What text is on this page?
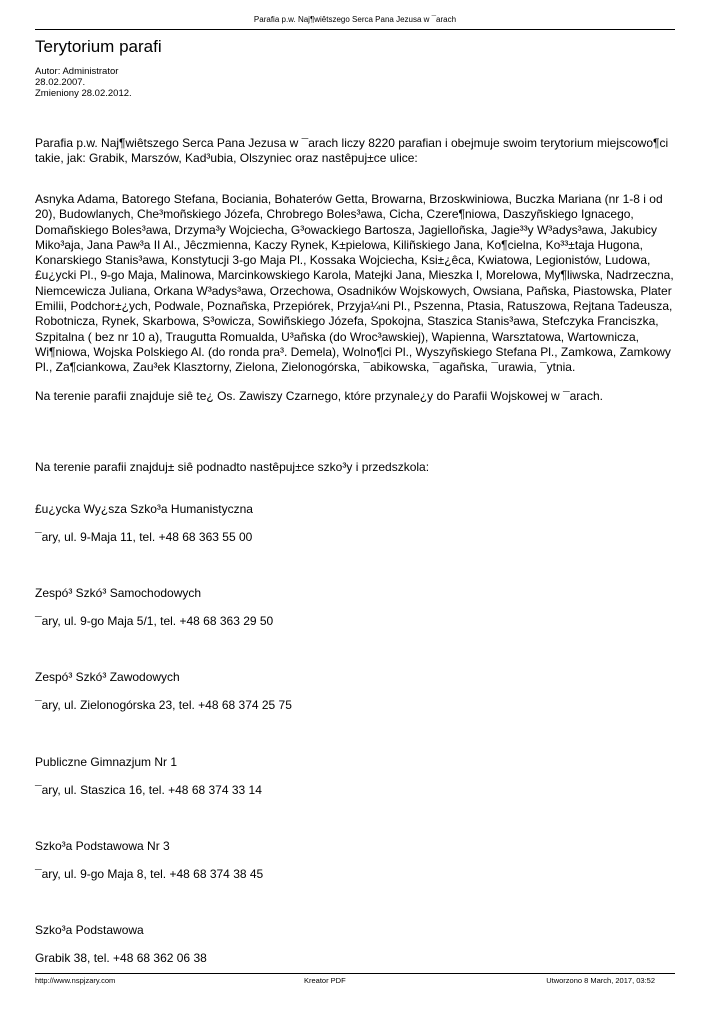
Parafia p.w. Naj¶wiêtszego Serca Pana Jezusa w ¯arach
Terytorium parafi
Autor: Administrator
28.02.2007.
Zmieniony 28.02.2012.

Parafia p.w. Naj¶wiêtszego Serca Pana Jezusa w ¯arach liczy 8220 parafian i obejmuje swoim terytorium miejscowo¶ci takie, jak: Grabik, Marszów, Kad³ubia, Olszyniec oraz nastêpuj±ce ulice:

Asnyka Adama, Batorego Stefana, Bociania, Bohaterów Getta, Browarna, Brzoskwiniowa, Buczka Mariana (nr 1-8 i od 20), Budowlanych, Che³moñskiego Józefa, Chrobrego Boles³awa, Cicha, Czere¶niowa, Daszyñskiego Ignacego, Domañskiego Boles³awa, Drzyma³y Wojciecha, G³owackiego Bartosza, Jagielloñska, Jagie³³y W³adys³awa, Jakubicy Miko³aja, Jana Paw³a II Al., Jêczmienna, Kaczy Rynek, K±pielowa, Kiliñskiego Jana, Ko¶cielna, Ko³³±taja Hugona, Konarskiego Stanis³awa, Konstytucji 3-go Maja Pl., Kossaka Wojciecha, Ksi±¿êca, Kwiatowa, Legionistów, Ludowa, £u¿ycki Pl., 9-go Maja, Malinowa, Marcinkowskiego Karola, Matejki Jana, Mieszka I, Morelowa, My¶liwska, Nadrzeczna, Niemcewicza Juliana, Orkana W³adys³awa, Orzechowa, Osadników Wojskowych, Owsiana, Pañska, Piastowska, Plater Emilii, Podchor±¿ych, Podwale, Poznañska, Przepiórek, Przyja¼ni Pl., Pszenna, Ptasia, Ratuszowa, Rejtana Tadeusza, Robotnicza, Rynek, Skarbowa, S³owicza, Sowiñskiego Józefa, Spokojna, Staszica Stanis³awa, Stefczyka Franciszka, Szpitalna ( bez nr 10 a), Traugutta Romualda, U³añska (do Wroc³awskiej), Wapienna, Warsztatowa, Wartownicza, Wi¶niowa, Wojska Polskiego Al. (do ronda pra³. Demela), Wolno¶ci Pl., Wyszyñskiego Stefana Pl., Zamkowa, Zamkowy Pl., Za¶ciankowa, Zau³ek Klasztorny, Zielona, Zielonogórska, ¯abikowska, ¯agañska, ¯urawia, ¯ytnia.

Na terenie parafii znajduje siê te¿ Os. Zawiszy Czarnego, które przynale¿y do Parafii Wojskowej w ¯arach.

Na terenie parafii znajduj± siê podnadto nastêpuj±ce szko³y i przedszkola:

£u¿ycka Wy¿sza Szko³a Humanistyczna

¯ary, ul. 9-Maja 11, tel. +48 68 363 55 00

Zespó³ Szkó³ Samochodowych

¯ary, ul. 9-go Maja 5/1, tel. +48 68 363 29 50

Zespó³ Szkó³ Zawodowych

¯ary, ul. Zielonogórska 23, tel. +48 68 374 25 75

Publiczne Gimnazjum Nr 1

¯ary, ul. Staszica 16, tel. +48 68 374 33 14

Szko³a Podstawowa Nr 3

¯ary, ul. 9-go Maja 8, tel. +48 68 374 38 45

Szko³a Podstawowa

Grabik 38, tel. +48 68 362 06 38

http://www.nspjzary.com	Kreator PDF	Utworzono 8 March, 2017, 03:52
